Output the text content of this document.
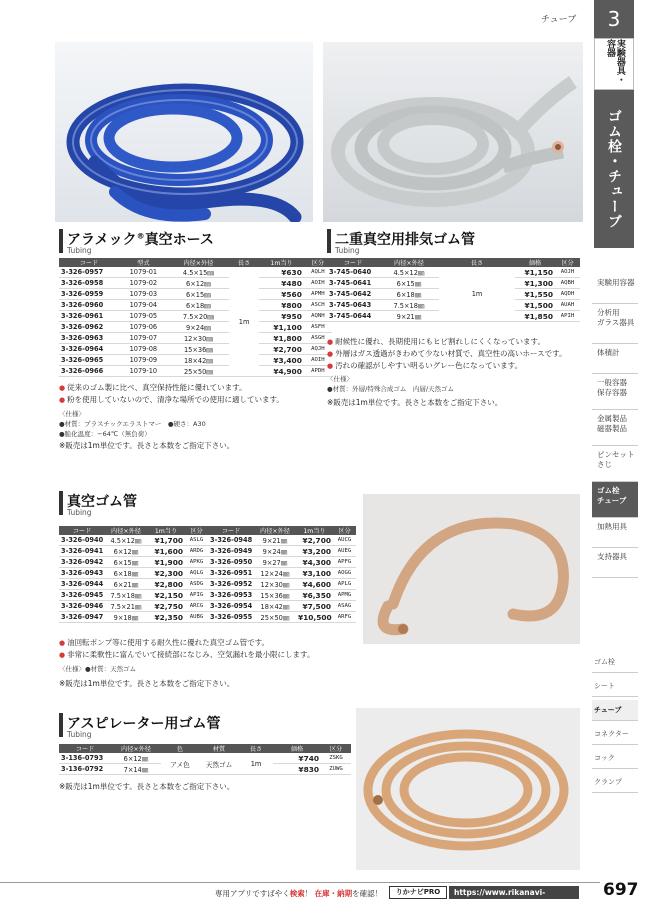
チューブ	3
実験器具・容器
ゴム栓・チューブ
実験用容器
分析用
ガラス器具
体積計
一般容器
保存容器
金属製品
磁器製品
ピンセット
さじ
ゴム栓
チューブ
加熱用具
支持器具
ゴム栓
シート
チューブ
コネクター
コック
クランプ
アラメック®真空ホース
Tubing
コード	型式	内径×外径	長さ	1m当り	区分
3-326-0957	1079-01	4.5×15㎜	1m	¥630	AQLH
3-326-0958	1079-02	6×12㎜		¥480	AOIH
3-326-0959	1079-03	6×15㎜		¥560	APMH
3-326-0960	1079-04	6×18㎜		¥800	ASCH
3-326-0961	1079-05	7.5×20㎜		¥950	AQNH
3-326-0962	1079-06	9×24㎜		¥1,100	ASFH
3-326-0963	1079-07	12×30㎜		¥1,800	ASGH
3-326-0964	1079-08	15×36㎜		¥2,700	AQJH
3-326-0965	1079-09	18×42㎜		¥3,400	AOIH
3-326-0966	1079-10	25×50㎜		¥4,900	APDH
● 従来のゴム製に比べ、真空保持性能に優れています。
● 粉を使用していないので、清浄な場所での使用に適しています。
〈仕様〉
●材質：プラスチックエラストマー　●硬さ：A30
●脆化温度：−64℃（無負荷）
※販売は1m単位です。長さと本数をご指定下さい。
二重真空用排気ゴム管
Tubing
コード	内径×外径	長さ	価格	区分
3-745-0640	4.5×12㎜	1m	¥1,150	AOJH
3-745-0641	6×15㎜		¥1,300	AQBH
3-745-0642	6×18㎜		¥1,550	AQDH
3-745-0643	7.5×18㎜		¥1,500	AUAH
3-745-0644	9×21㎜		¥1,850	APIH
● 耐候性に優れ、長期使用にもヒビ割れしにくくなっています。
● 外層はガス透過がきわめて少ない材質で、真空性の高いホースです。
● 汚れの確認がしやすい明るいグレー色になっています。
〈仕様〉
●材質：外層/特殊合成ゴム　内層/天然ゴム
※販売は1m単位です。長さと本数をご指定下さい。
真空ゴム管
Tubing
コード	内径×外径	1m当り	区分	コード	内径×外径	1m当り	区分
3-326-0940	4.5×12㎜	¥1,700	ASLG	3-326-0948	9×21㎜	¥2,700	AUCG
3-326-0941	6×12㎜	¥1,600	ARDG	3-326-0949	9×24㎜	¥3,200	AUEG
3-326-0942	6×15㎜	¥1,900	APKG	3-326-0950	9×27㎜	¥4,300	APFG
3-326-0943	6×18㎜	¥2,300	AQLG	3-326-0951	12×24㎜	¥3,100	AOGG
3-326-0944	6×21㎜	¥2,800	ASDG	3-326-0952	12×30㎜	¥4,600	APLG
3-326-0945	7.5×18㎜	¥2,150	APIG	3-326-0953	15×36㎜	¥6,350	APMG
3-326-0946	7.5×21㎜	¥2,750	ARCG	3-326-0954	18×42㎜	¥7,500	ASAG
3-326-0947	9×18㎜	¥2,350	AUBG	3-326-0955	25×50㎜	¥10,500	ARFG
● 油回転ポンプ等に使用する耐久性に優れた真空ゴム管です。
● 非常に柔軟性に富んでいて接続部になじみ、空気漏れを最小限にします。
〈仕様〉●材質：天然ゴム
※販売は1m単位です。長さと本数をご指定下さい。
アスピレーター用ゴム管
Tubing
コード	内径×外径	色	材質	長さ	価格	区分
3-136-0793	6×12㎜	アメ色	天然ゴム	1m	¥740	ZSKG
3-136-0792	7×14㎜				¥830	ZUWG
※販売は1m単位です。長さと本数をご指定下さい。
専用アプリですばやく検索！ 在庫・納期を確認！	りかナビPRO	https://www.rikanavi-pro.com
697
